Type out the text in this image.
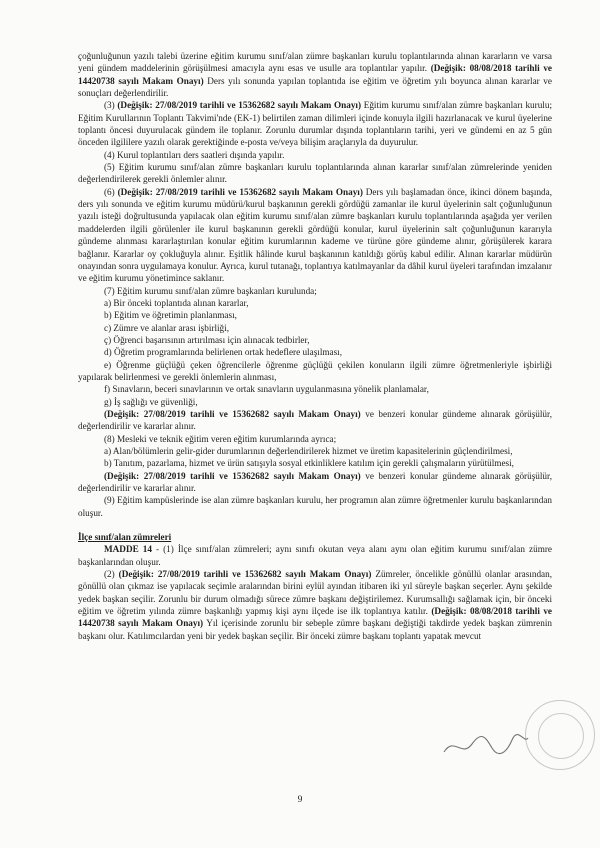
çoğunluğunun yazılı talebi üzerine eğitim kurumu sınıf/alan zümre başkanları kurulu toplantılarında alınan kararların ve varsa yeni gündem maddelerinin görüşülmesi amacıyla aynı esas ve usulle ara toplantılar yapılır. (Değişik: 08/08/2018 tarihli ve 14420738 sayılı Makam Onayı) Ders yılı sonunda yapılan toplantıda ise eğitim ve öğretim yılı boyunca alınan kararlar ve sonuçları değerlendirilir.

(3) (Değişik: 27/08/2019 tarihli ve 15362682 sayılı Makam Onayı) Eğitim kurumu sınıf/alan zümre başkanları kurulu; Eğitim Kurullarının Toplantı Takvimi'nde (EK-1) belirtilen zaman dilimleri içinde konuyla ilgili hazırlanacak ve kurul üyelerine toplantı öncesi duyurulacak gündem ile toplanır. Zorunlu durumlar dışında toplantıların tarihi, yeri ve gündemi en az 5 gün önceden ilgililere yazılı olarak gerektiğinde e-posta ve/veya bilişim araçlarıyla da duyurulur.

(4) Kurul toplantıları ders saatleri dışında yapılır.

(5) Eğitim kurumu sınıf/alan zümre başkanları kurulu toplantılarında alınan kararlar sınıf/alan zümrelerinde yeniden değerlendirilerek gerekli önlemler alınır.

(6) (Değişik: 27/08/2019 tarihli ve 15362682 sayılı Makam Onayı) Ders yılı başlamadan önce, ikinci dönem başında, ders yılı sonunda ve eğitim kurumu müdürü/kurul başkanının gerekli gördüğü zamanlar ile kurul üyelerinin salt çoğunluğunun yazılı isteği doğrultusunda yapılacak olan eğitim kurumu sınıf/alan zümre başkanları kurulu toplantılarında aşağıda yer verilen maddelerden ilgili görülenler ile kurul başkanının gerekli gördüğü konular, kurul üyelerinin salt çoğunluğunun kararıyla gündeme alınması kararlaştırılan konular eğitim kurumlarının kademe ve türüne göre gündeme alınır, görüşülerek karara bağlanır. Kararlar oy çokluğuyla alınır. Eşitlik hâlinde kurul başkanının katıldığı görüş kabul edilir. Alınan kararlar müdürün onayından sonra uygulamaya konulur. Ayrıca, kurul tutanağı, toplantıya katılmayanlar da dâhil kurul üyeleri tarafından imzalanır ve eğitim kurumu yönetimince saklanır.

(7) Eğitim kurumu sınıf/alan zümre başkanları kurulunda;

a) Bir önceki toplantıda alınan kararlar,

b) Eğitim ve öğretimin planlanması,

c) Zümre ve alanlar arası işbirliği,

ç) Öğrenci başarısının artırılması için alınacak tedbirler,

d) Öğretim programlarında belirlenen ortak hedeflere ulaşılması,

e) Öğrenme güçlüğü çeken öğrencilerle öğrenme güçlüğü çekilen konuların ilgili zümre öğretmenleriyle işbirliği yapılarak belirlenmesi ve gerekli önlemlerin alınması,

f) Sınavların, beceri sınavlarının ve ortak sınavların uygulanmasına yönelik planlamalar,

g) İş sağlığı ve güvenliği,

(Değişik: 27/08/2019 tarihli ve 15362682 sayılı Makam Onayı) ve benzeri konular gündeme alınarak görüşülür, değerlendirilir ve kararlar alınır.

(8) Mesleki ve teknik eğitim veren eğitim kurumlarında ayrıca;

a) Alan/bölümlerin gelir-gider durumlarının değerlendirilerek hizmet ve üretim kapasitelerinin güçlendirilmesi,

b) Tanıtım, pazarlama, hizmet ve ürün satışıyla sosyal etkinliklere katılım için gerekli çalışmaların yürütülmesi,

(Değişik: 27/08/2019 tarihli ve 15362682 sayılı Makam Onayı) ve benzeri konular gündeme alınarak görüşülür, değerlendirilir ve kararlar alınır.

(9) Eğitim kampüslerinde ise alan zümre başkanları kurulu, her programın alan zümre öğretmenler kurulu başkanlarından oluşur.

İlçe sınıf/alan zümreleri

MADDE 14 - (1) İlçe sınıf/alan zümreleri; aynı sınıfı okutan veya alanı aynı olan eğitim kurumu sınıf/alan zümre başkanlarından oluşur.

(2) (Değişik: 27/08/2019 tarihli ve 15362682 sayılı Makam Onayı) Zümreler, öncelikle gönüllü olanlar arasından, gönüllü olan çıkmaz ise yapılacak seçimle aralarından birini eylül ayından itibaren iki yıl süreyle başkan seçerler. Aynı şekilde yedek başkan seçilir. Zorunlu bir durum olmadığı sürece zümre başkanı değiştirilemez. Kurumsallığı sağlamak için, bir önceki eğitim ve öğretim yılında zümre başkanlığı yapmış kişi aynı ilçede ise ilk toplantıya katılır. (Değişik: 08/08/2018 tarihli ve 14420738 sayılı Makam Onayı) Yıl içerisinde zorunlu bir sebeple zümre başkanı değiştiği takdirde yedek başkan zümrenin başkanı olur. Katılımcılardan yeni bir yedek başkan seçilir. Bir önceki zümre başkanı toplantı yapatak mevcut

9
